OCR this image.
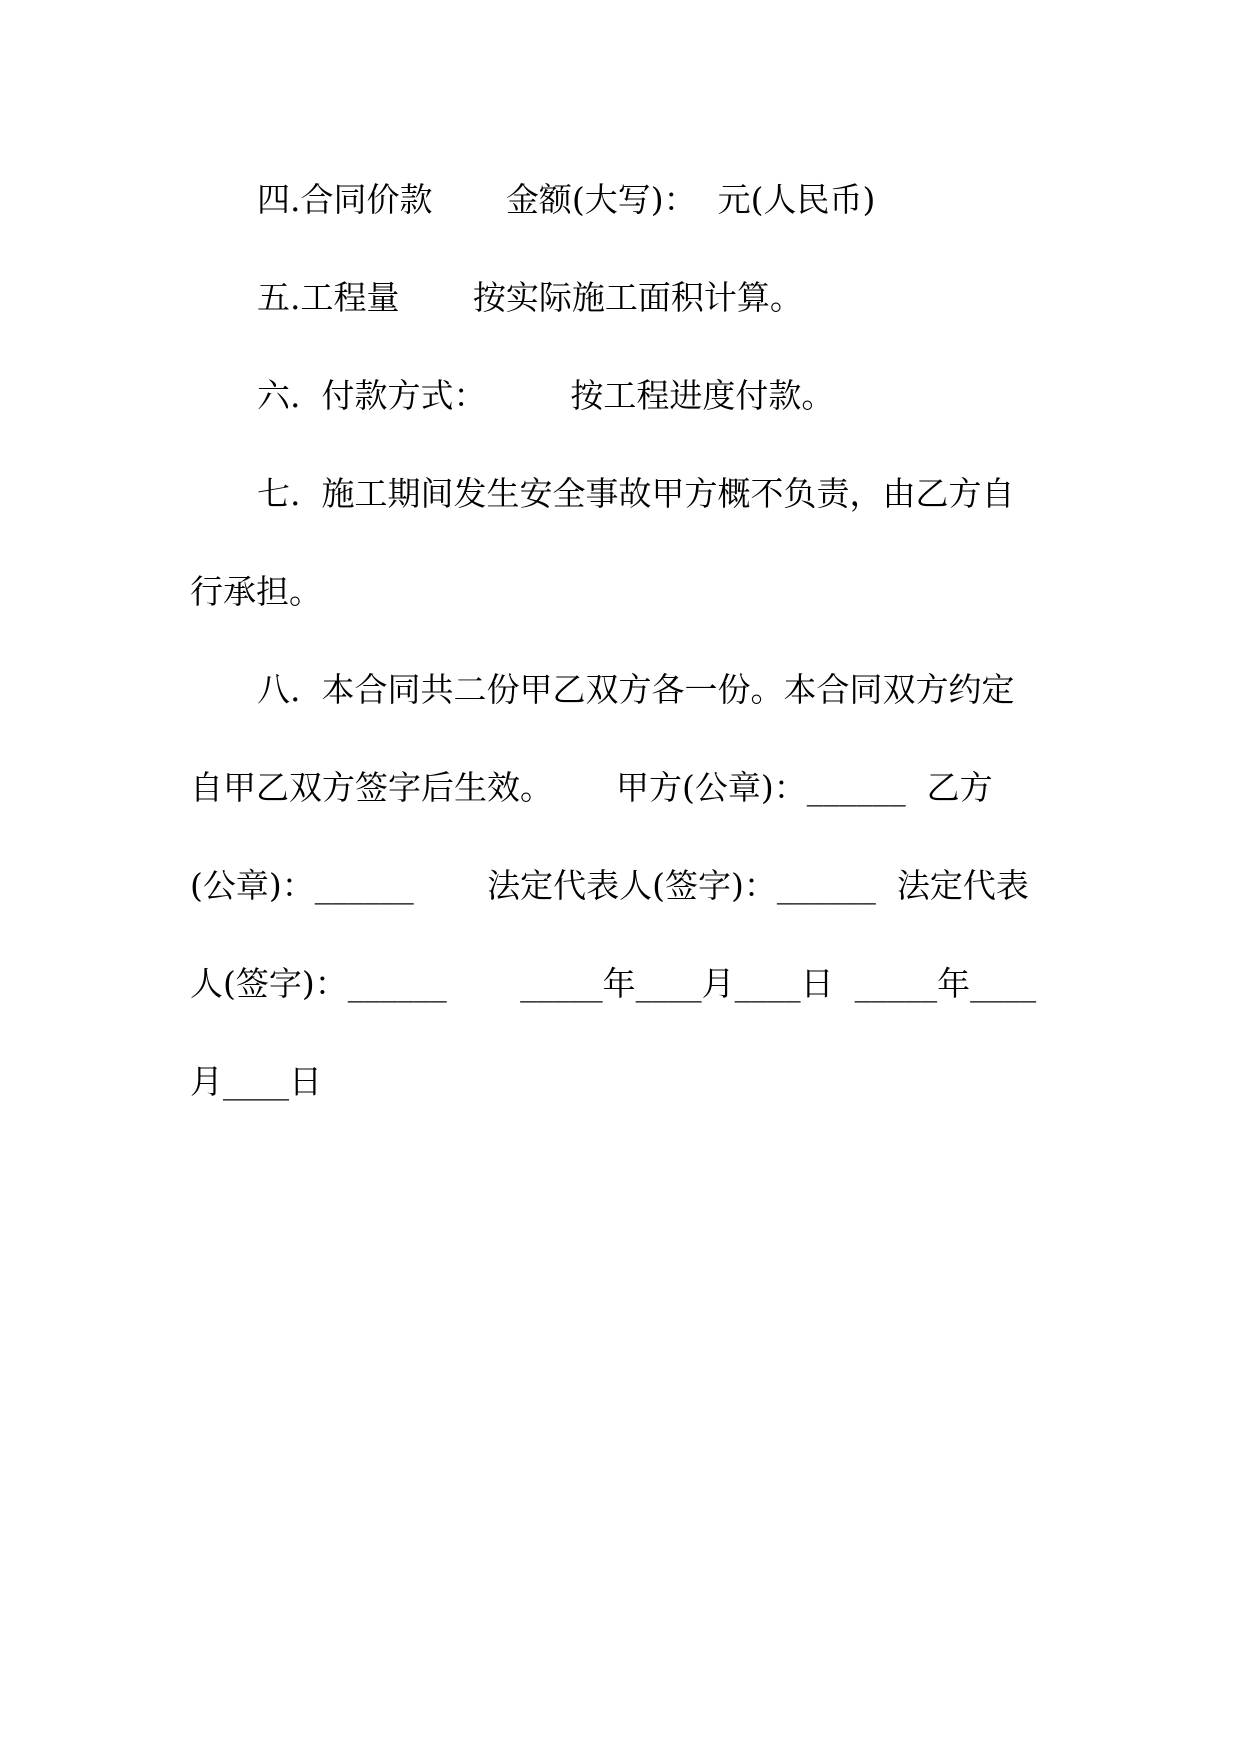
四.合同价款       金额(大写)：  元(人民币)
五.工程量       按实际施工面积计算。
六.  付款方式：        按工程进度付款。
七.  施工期间发生安全事故甲方概不负责，由乙方自
行承担。
八.  本合同共二份甲乙双方各一份。本合同双方约定
自甲乙双方签字后生效。      甲方(公章)：______  乙方
(公章)：______       法定代表人(签字)：______  法定代表
人(签字)：______       _____年____月____日  _____年____
月____日
